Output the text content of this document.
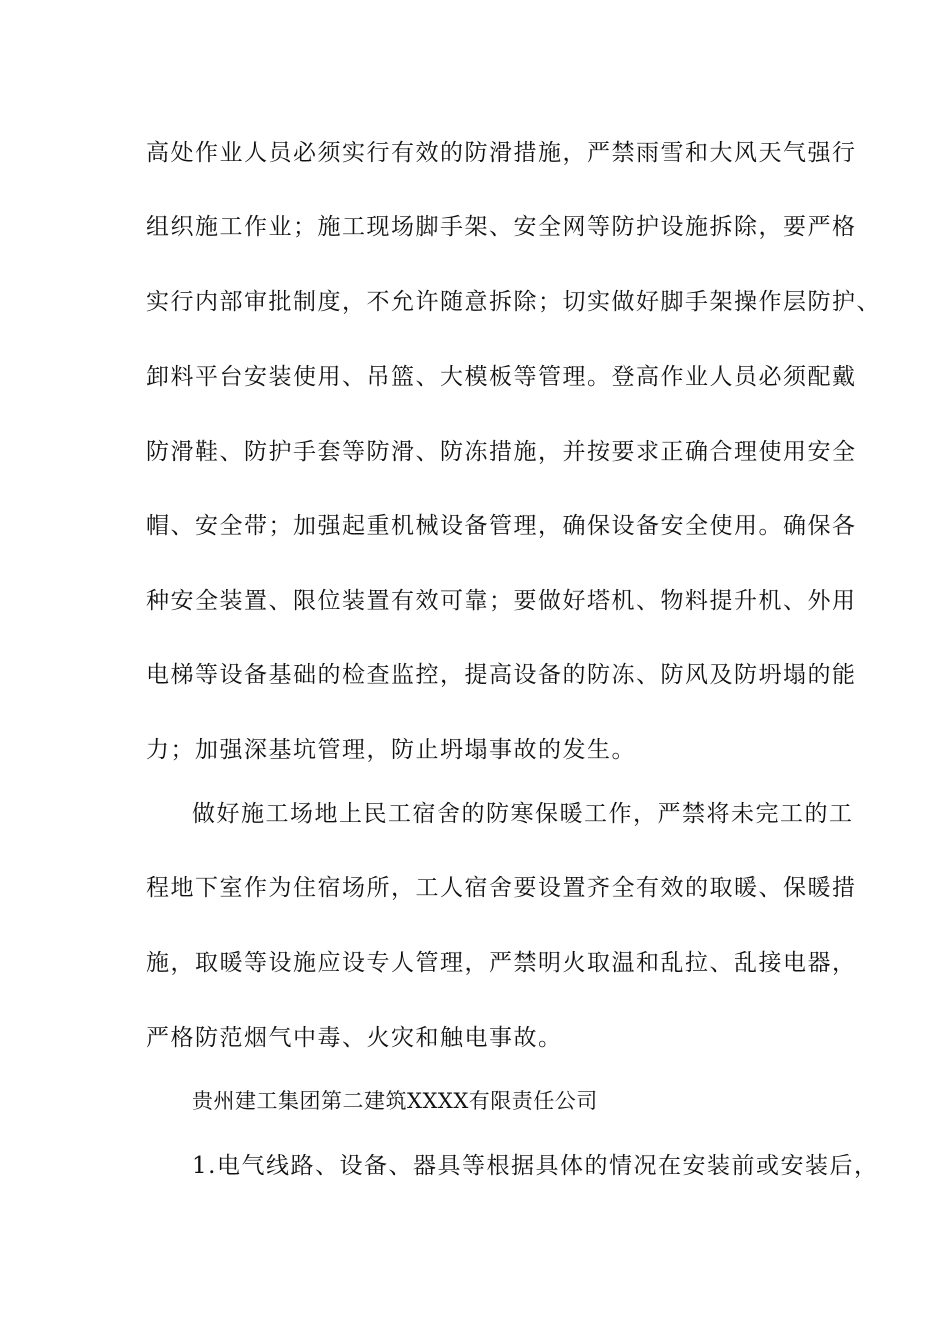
高处作业人员必须实行有效的防滑措施，严禁雨雪和大风天气强行
组织施工作业；施工现场脚手架、安全网等防护设施拆除，要严格
实行内部审批制度，不允许随意拆除；切实做好脚手架操作层防护、
卸料平台安装使用、吊篮、大模板等管理。登高作业人员必须配戴
防滑鞋、防护手套等防滑、防冻措施，并按要求正确合理使用安全
帽、安全带；加强起重机械设备管理，确保设备安全使用。确保各
种安全装置、限位装置有效可靠；要做好塔机、物料提升机、外用
电梯等设备基础的检查监控，提高设备的防冻、防风及防坍塌的能
力；加强深基坑管理，防止坍塌事故的发生。
做好施工场地上民工宿舍的防寒保暖工作，严禁将未完工的工
程地下室作为住宿场所，工人宿舍要设置齐全有效的取暖、保暖措
施，取暖等设施应设专人管理，严禁明火取温和乱拉、乱接电器，
严格防范烟气中毒、火灾和触电事故。
贵州建工集团第二建筑XXXX有限责任公司
1.电气线路、设备、器具等根据具体的情况在安装前或安装后，
